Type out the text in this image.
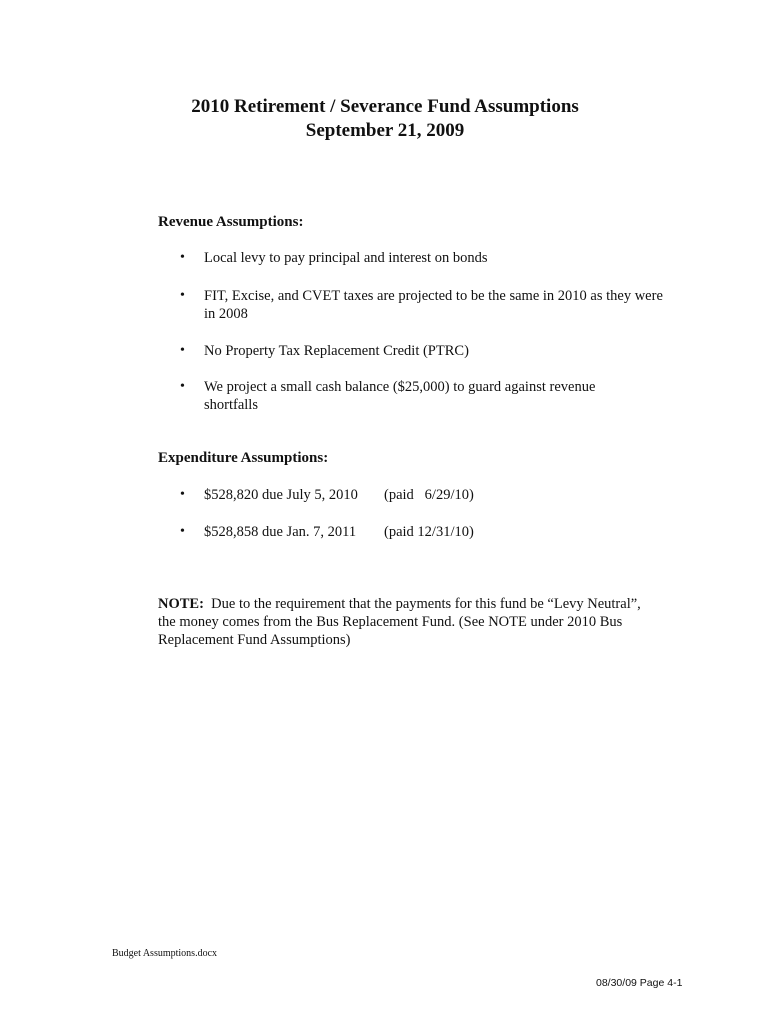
2010 Retirement / Severance Fund Assumptions
September 21, 2009
Revenue Assumptions:
•	Local levy to pay principal and interest on bonds
•	FIT, Excise, and CVET taxes are projected to be the same in 2010 as they were in 2008
•	No Property Tax Replacement Credit (PTRC)
•	We project a small cash balance ($25,000) to guard against revenue shortfalls
Expenditure Assumptions:
•	$528,820 due July 5, 2010 (paid   6/29/10)
•	$528,858 due Jan. 7, 2011 (paid 12/31/10)
NOTE: Due to the requirement that the payments for this fund be “Levy Neutral”, the money comes from the Bus Replacement Fund. (See NOTE under 2010 Bus Replacement Fund Assumptions)
Budget Assumptions.docx
08/30/09 Page 4-1
